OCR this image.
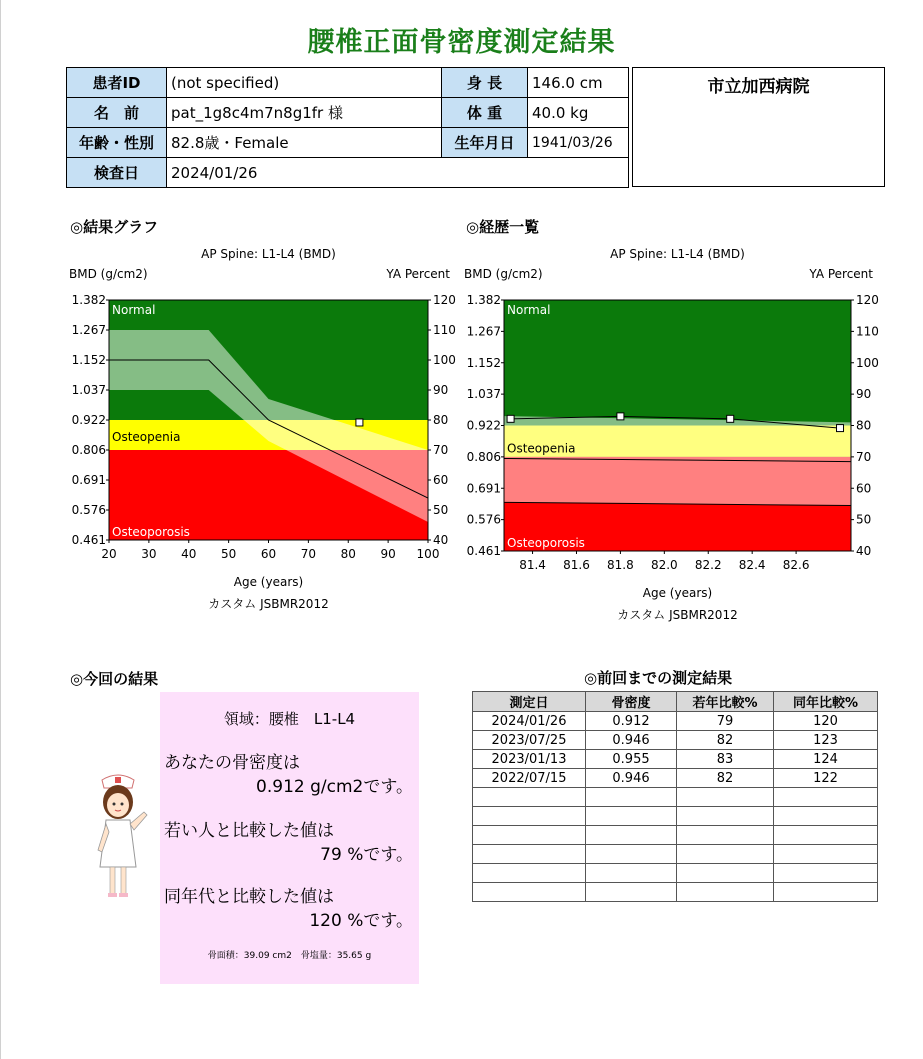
腰椎正面骨密度測定結果
患者ID	(not specified)	身 長	146.0 cm
名　前	pat_1g8c4m7n8g1fr 様	体 重	40.0 kg
年齢・性別	82.8歳・Female	生年月日	1941/03/26
検査日	2024/01/26		
市立加西病院
◎結果グラフ	◎経歴一覧
Normal
Osteopenia
Osteoporosis
1.382
1.267
1.152
1.037
0.922
0.806
0.691
0.576
0.461
120
110
100
90
80
70
60
50
40
20 30 40 50 60 70 80 90 100
AP Spine: L1-L4 (BMD)
BMD (g/cm2)	YA Percent
Age (years)
カスタム JSBMR2012
Normal
Osteopenia
Osteoporosis
1.382
1.267
1.152
1.037
0.922
0.806
0.691
0.576
0.461
120
110
100
90
80
70
60
50
40
81.4 81.6 81.8 82.0 82.2 82.4 82.6
AP Spine: L1-L4 (BMD)
BMD (g/cm2)	YA Percent
Age (years)
カスタム JSBMR2012
◎今回の結果	◎前回までの測定結果
領域：腰椎　L1-L4
あなたの骨密度は
0.912 g/cm2です。
若い人と比較した値は
79 %です。
同年代と比較した値は
120 %です。
骨面積：39.09 cm2　骨塩量：35.65 g
測定日	骨密度	若年比較%	同年比較%
2024/01/26	0.912	79	120
2023/07/25	0.946	82	123
2023/01/13	0.955	83	124
2022/07/15	0.946	82	122
